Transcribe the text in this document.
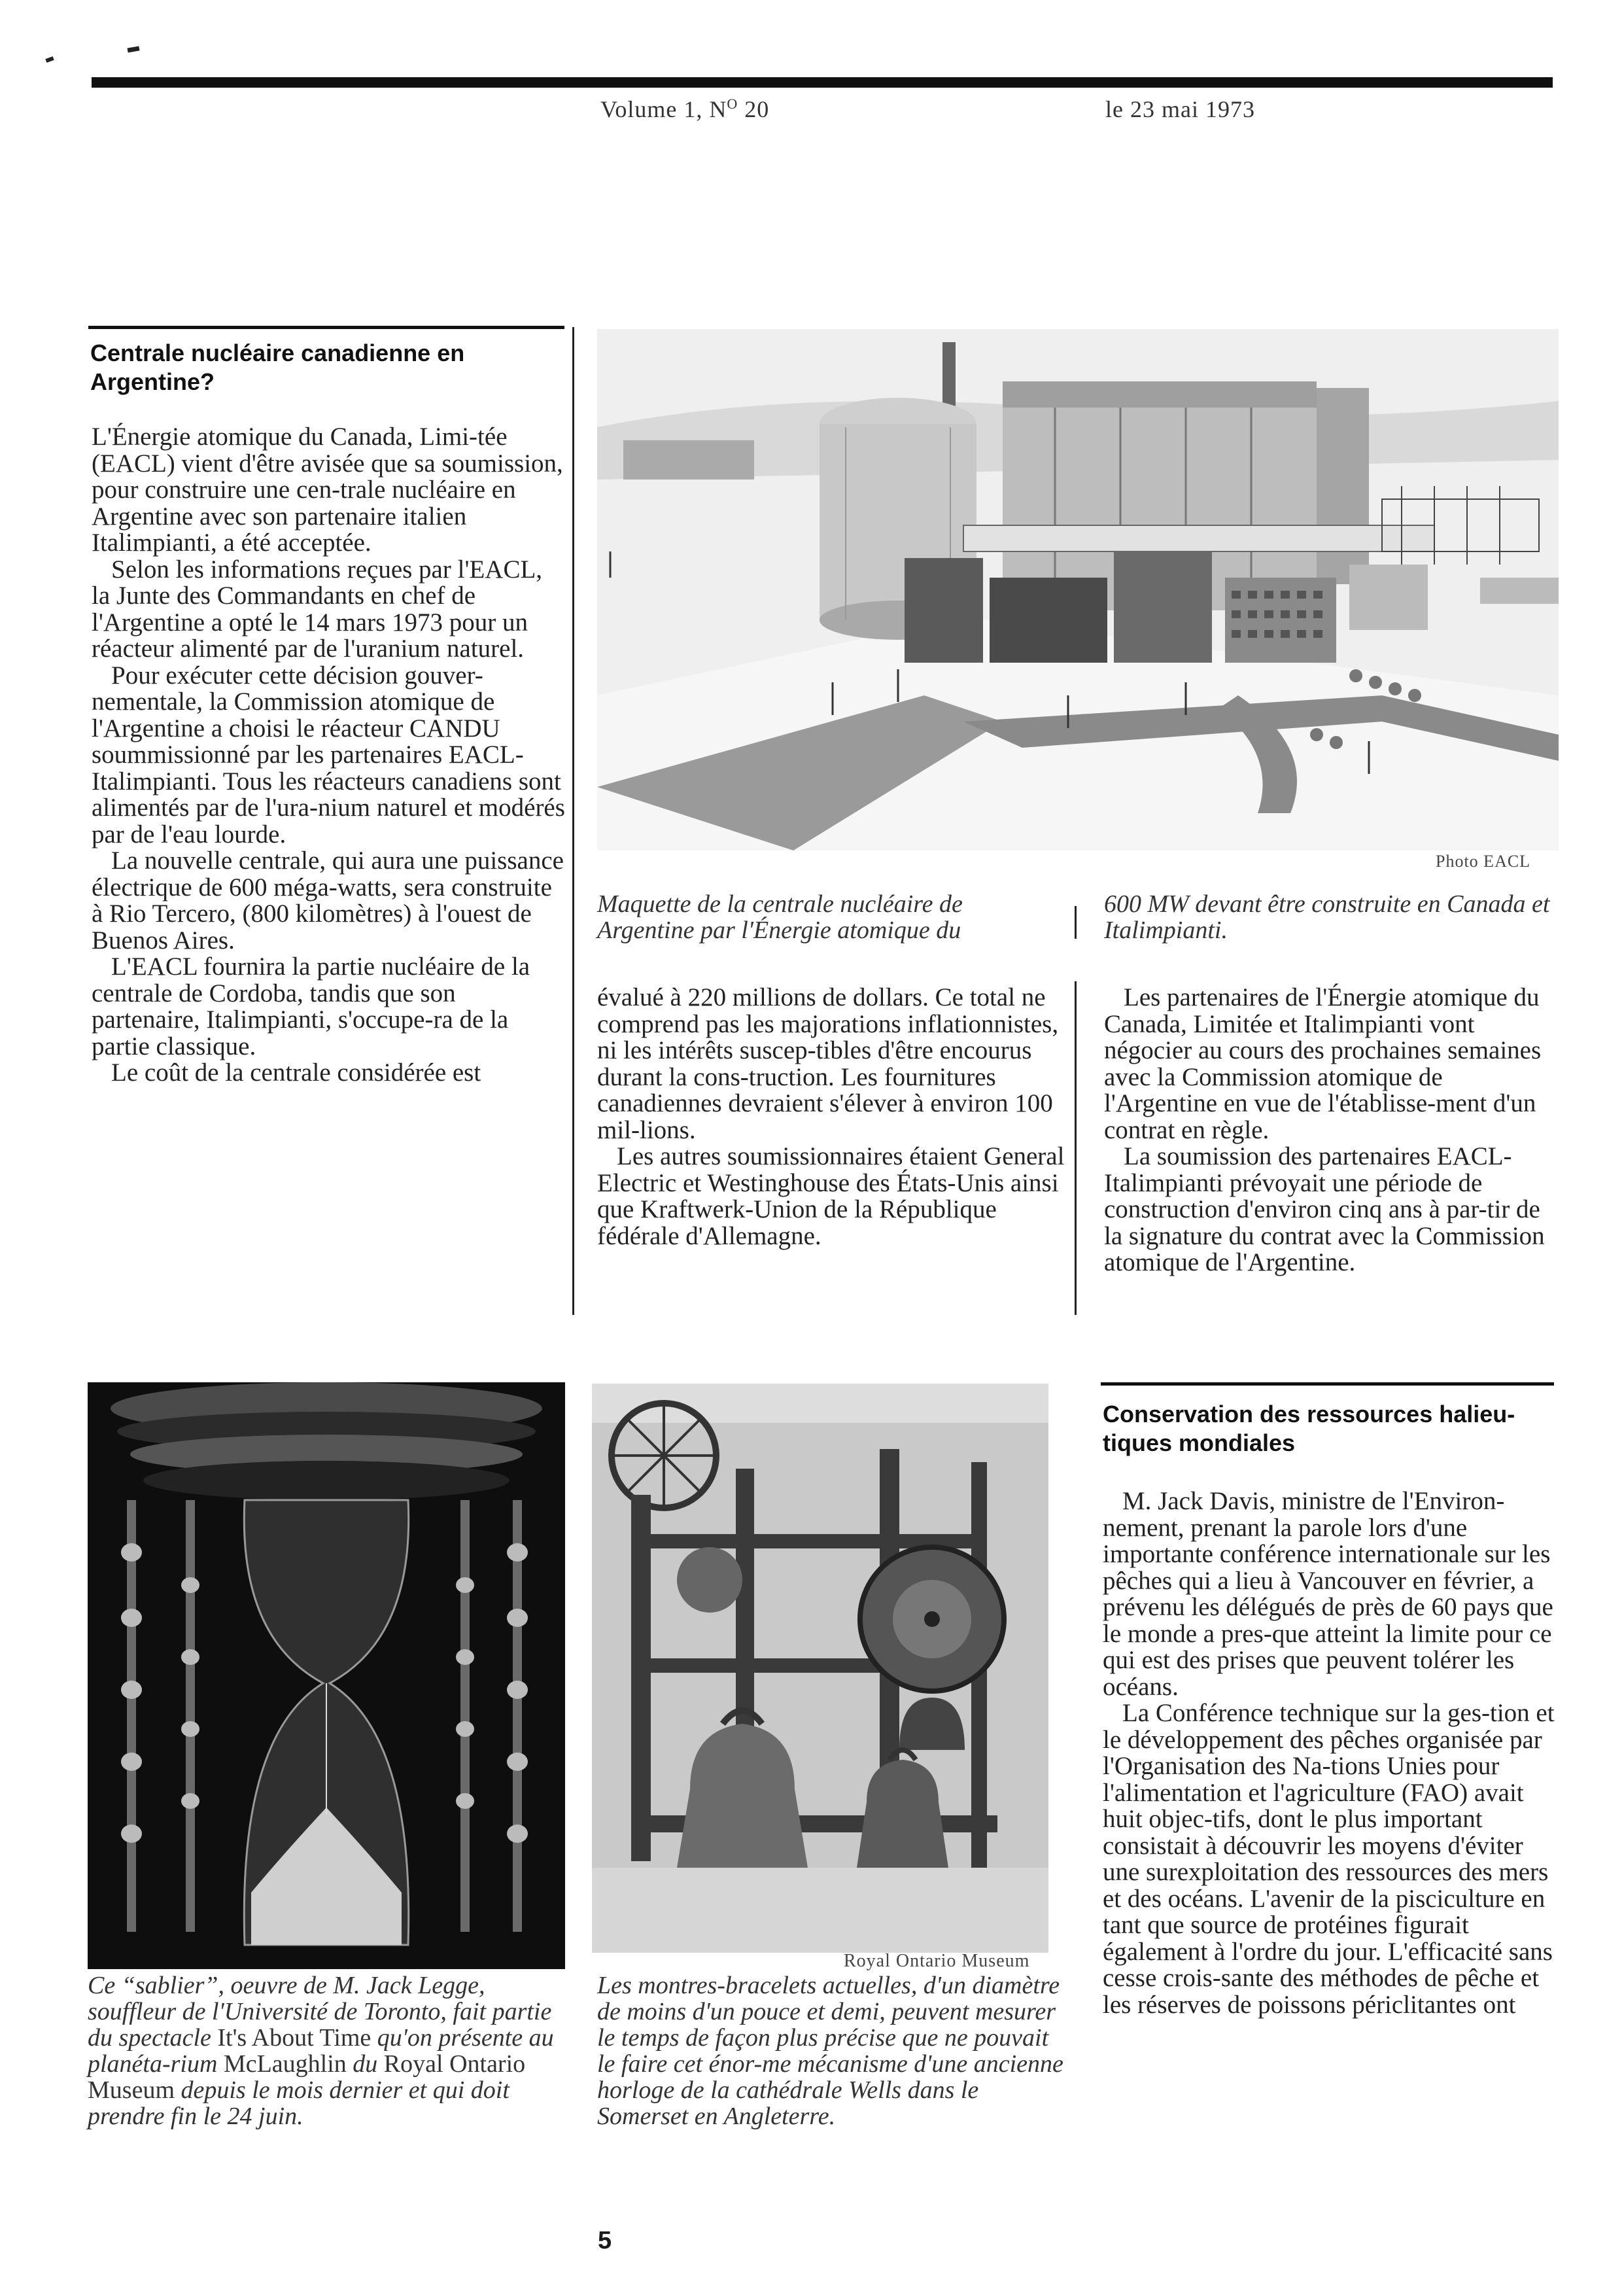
Volume 1, $N^O$ 20	le 23 mai 1973
Centrale nucléaire canadienne en Argentine?

L'Énergie atomique du Canada, Limi-tée (EACL) vient d'être avisée que sa soumission, pour construire une cen-trale nucléaire en Argentine avec son partenaire italien Italimpianti, a été acceptée.

Selon les informations reçues par l'EACL, la Junte des Commandants en chef de l'Argentine a opté le 14 mars 1973 pour un réacteur alimenté par de l'uranium naturel.

Pour exécuter cette décision gouver-nementale, la Commission atomique de l'Argentine a choisi le réacteur CANDU soummissionné par les partenaires EACL-Italimpianti. Tous les réacteurs canadiens sont alimentés par de l'ura-nium naturel et modérés par de l'eau lourde.

La nouvelle centrale, qui aura une puissance électrique de 600 méga-watts, sera construite à Rio Tercero, (800 kilomètres) à l'ouest de Buenos Aires.

L'EACL fournira la partie nucléaire de la centrale de Cordoba, tandis que son partenaire, Italimpianti, s'occupe-ra de la partie classique.

Le coût de la centrale considérée est

Photo EACL
Maquette de la centrale nucléaire de Argentine par l'Énergie atomique du
600 MW devant être construite en Canada et Italimpianti.

évalué à 220 millions de dollars. Ce total ne comprend pas les majorations inflationnistes, ni les intérêts suscep-tibles d'être encourus durant la cons-truction. Les fournitures canadiennes devraient s'élever à environ 100 mil-lions.

Les autres soumissionnaires étaient General Electric et Westinghouse des États-Unis ainsi que Kraftwerk-Union de la République fédérale d'Allemagne.

Les partenaires de l'Énergie atomique du Canada, Limitée et Italimpianti vont négocier au cours des prochaines semaines avec la Commission atomique de l'Argentine en vue de l'établisse-ment d'un contrat en règle.

La soumission des partenaires EACL-Italimpianti prévoyait une période de construction d'environ cinq ans à par-tir de la signature du contrat avec la Commission atomique de l'Argentine.

Ce “sablier”, oeuvre de M. Jack Legge, souffleur de l'Université de Toronto, fait partie du spectacle It's About Time qu'on présente au planéta-rium McLaughlin du Royal Ontario Museum depuis le mois dernier et qui doit prendre fin le 24 juin.
Royal Ontario Museum
Les montres-bracelets actuelles, d'un diamètre de moins d'un pouce et demi, peuvent mesurer le temps de façon plus précise que ne pouvait le faire cet énor-me mécanisme d'une ancienne horloge de la cathédrale Wells dans le Somerset en Angleterre.
Conservation des ressources halieu-tiques mondiales

M. Jack Davis, ministre de l'Environ-nement, prenant la parole lors d'une importante conférence internationale sur les pêches qui a lieu à Vancouver en février, a prévenu les délégués de près de 60 pays que le monde a pres-que atteint la limite pour ce qui est des prises que peuvent tolérer les océans.

La Conférence technique sur la ges-tion et le développement des pêches organisée par l'Organisation des Na-tions Unies pour l'alimentation et l'agriculture (FAO) avait huit objec-tifs, dont le plus important consistait à découvrir les moyens d'éviter une surexploitation des ressources des mers et des océans. L'avenir de la pisciculture en tant que source de protéines figurait également à l'ordre du jour. L'efficacité sans cesse crois-sante des méthodes de pêche et les réserves de poissons périclitantes ont

5
